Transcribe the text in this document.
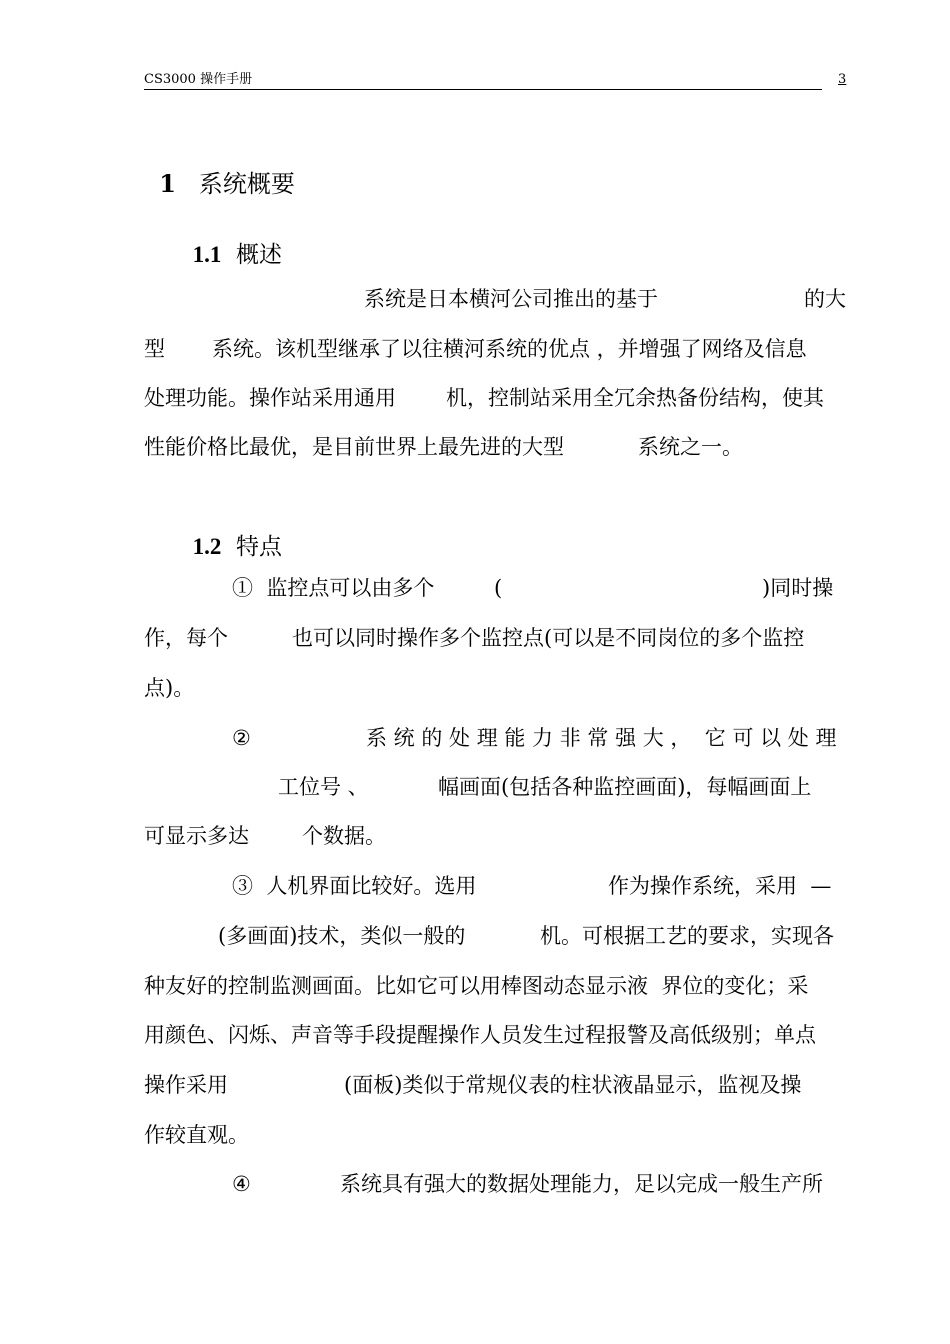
CS3000 操作手册	3

1 系统概要

1.1 概述

系统是日本横河公司推出的基于	的大
型 系统。该机型继承了以往横河系统的优点 ，并增强了网络及信息
处理功能。操作站采用通用 机，控制站采用全冗余热备份结构，使其
性能价格比最优，是目前世界上最先进的大型	系统之一。

1.2 特点

①  监控点可以由多个	(	)同时操
作，每个	也可以同时操作多个监控点(可以是不同岗位的多个监控
点)。
②	系 统 的 处 理 能 力 非 常 强 大 ，  它 可 以 处 理
工位号 、	幅画面(包括各种监控画面)，每幅画面上
可显示多达	个数据。
③  人机界面比较好。选用	作为操作系统，采用  —
(多画面)技术，类似一般的	机。可根据工艺的要求，实现各
种友好的控制监测画面。比如它可以用棒图动态显示液  界位的变化；采
用颜色、闪烁、声音等手段提醒操作人员发生过程报警及高低级别；单点
操作采用	(面板)类似于常规仪表的柱状液晶显示，监视及操
作较直观。
④	系统具有强大的数据处理能力，足以完成一般生产所
